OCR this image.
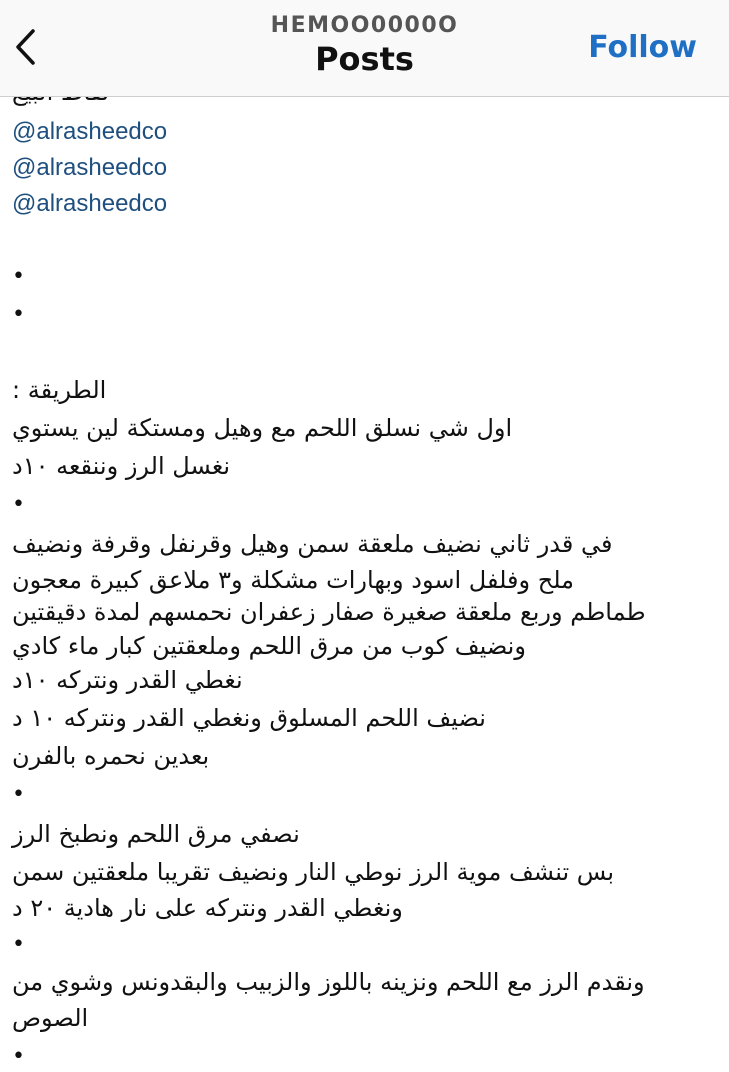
HEMOO0000O
Posts	Follow
@alrasheedco
@alrasheedco
@alrasheedco
•
•
الطريقة :
اول شي نسلق اللحم مع وهيل ومستكة لين يستوي
نغسل الرز وننقعه ١٠د
•
في قدر ثاني نضيف ملعقة سمن وهيل وقرنفل وقرفة ونضيف
ملح وفلفل اسود وبهارات مشكلة و٣ ملاعق كبيرة معجون
طماطم وربع ملعقة صغيرة صفار زعفران نحمسهم لمدة دقيقتين
ونضيف كوب من مرق اللحم وملعقتين كبار ماء كادي
نغطي القدر ونتركه ١٠د
نضيف اللحم المسلوق ونغطي القدر ونتركه ١٠ د
بعدين نحمره بالفرن
•
نصفي مرق اللحم ونطبخ الرز
بس تنشف موية الرز نوطي النار ونضيف تقريبا ملعقتين سمن
ونغطي القدر ونتركه على نار هادية ٢٠ د
•
ونقدم الرز مع اللحم ونزينه باللوز والزبيب والبقدونس وشوي من
الصوص
•
